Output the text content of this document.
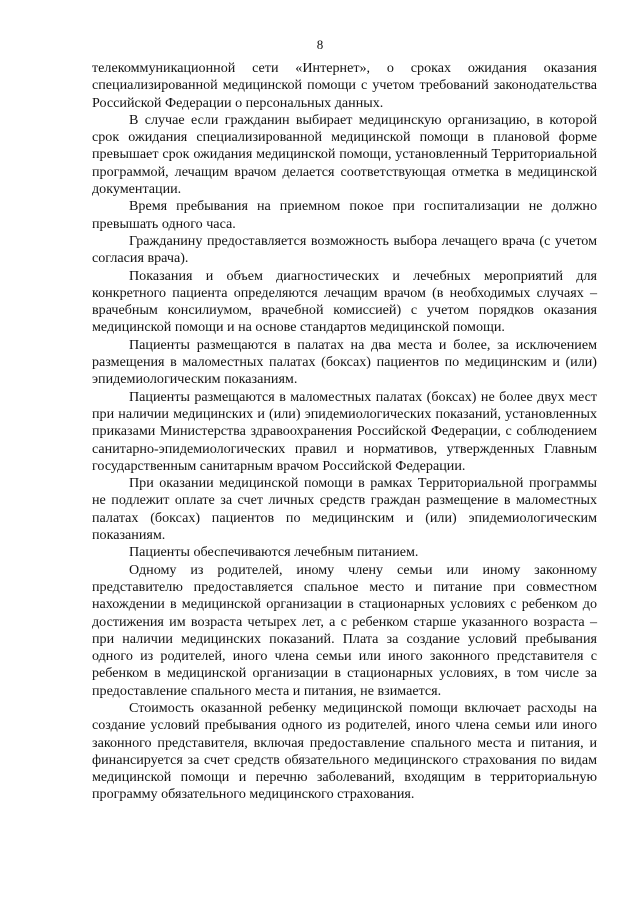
8

телекоммуникационной сети «Интернет», о сроках ожидания оказания специализированной медицинской помощи с учетом требований законодательства Российской Федерации о персональных данных.

В случае если гражданин выбирает медицинскую организацию, в которой срок ожидания специализированной медицинской помощи в плановой форме превышает срок ожидания медицинской помощи, установленный Территориальной программой, лечащим врачом делается соответствующая отметка в медицинской документации.

Время пребывания на приемном покое при госпитализации не должно превышать одного часа.

Гражданину предоставляется возможность выбора лечащего врача (с учетом согласия врача).

Показания и объем диагностических и лечебных мероприятий для конкретного пациента определяются лечащим врачом (в необходимых случаях – врачебным консилиумом, врачебной комиссией) с учетом порядков оказания медицинской помощи и на основе стандартов медицинской помощи.

Пациенты размещаются в палатах на два места и более, за исключением размещения в маломестных палатах (боксах) пациентов по медицинским и (или) эпидемиологическим показаниям.

Пациенты размещаются в маломестных палатах (боксах) не более двух мест при наличии медицинских и (или) эпидемиологических показаний, установленных приказами Министерства здравоохранения Российской Федерации, с соблюдением санитарно-эпидемиологических правил и нормативов, утвержденных Главным государственным санитарным врачом Российской Федерации.

При оказании медицинской помощи в рамках Территориальной программы не подлежит оплате за счет личных средств граждан размещение в маломестных палатах (боксах) пациентов по медицинским и (или) эпидемиологическим показаниям.

Пациенты обеспечиваются лечебным питанием.

Одному из родителей, иному члену семьи или иному законному представителю предоставляется спальное место и питание при совместном нахождении в медицинской организации в стационарных условиях с ребенком до достижения им возраста четырех лет, а с ребенком старше указанного возраста – при наличии медицинских показаний. Плата за создание условий пребывания одного из родителей, иного члена семьи или иного законного представителя с ребенком в медицинской организации в стационарных условиях, в том числе за предоставление спального места и питания, не взимается.

Стоимость оказанной ребенку медицинской помощи включает расходы на создание условий пребывания одного из родителей, иного члена семьи или иного законного представителя, включая предоставление спального места и питания, и финансируется за счет средств обязательного медицинского страхования по видам медицинской помощи и перечню заболеваний, входящим в территориальную программу обязательного медицинского страхования.
